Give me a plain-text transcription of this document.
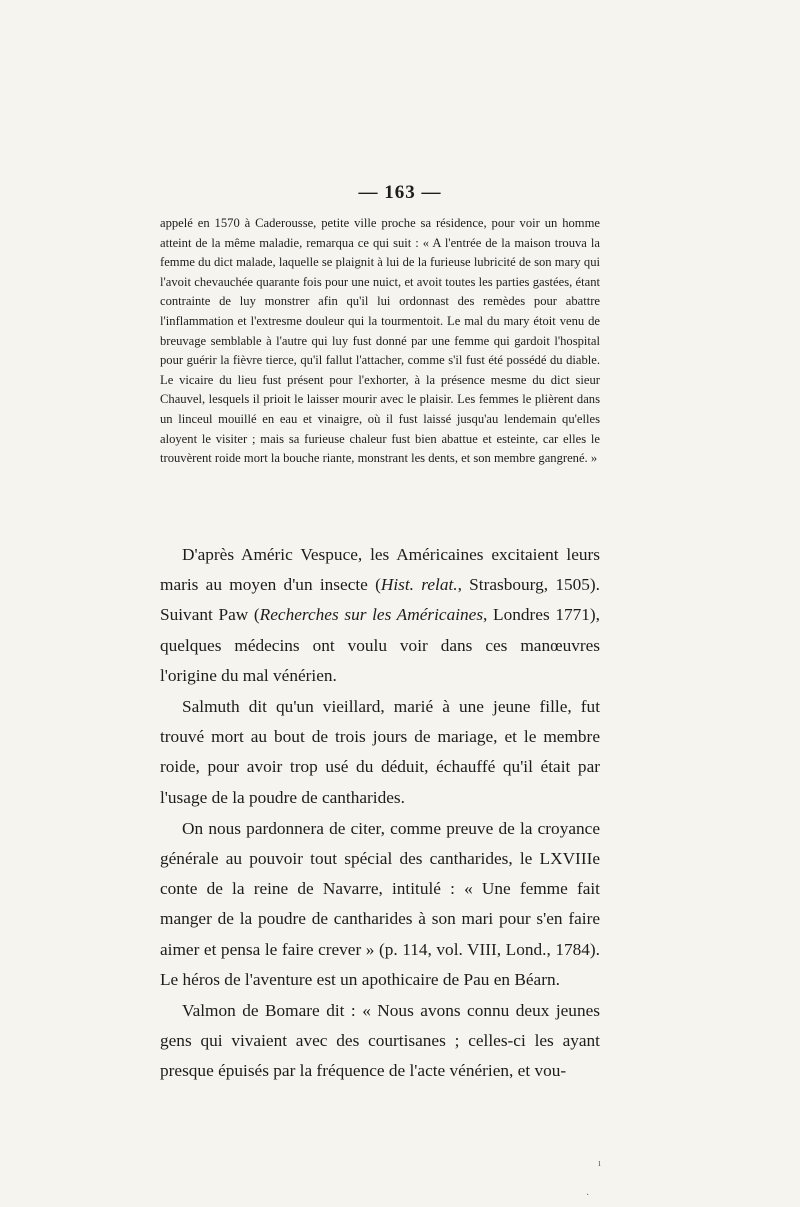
— 163 —
appelé en 1570 à Caderousse, petite ville proche sa résidence, pour voir un homme atteint de la même maladie, remarqua ce qui suit : « A l'entrée de la maison trouva la femme du dict malade, laquelle se plaignit à lui de la furieuse lubricité de son mary qui l'avoit chevauchée quarante fois pour une nuict, et avoit toutes les parties gastées, étant contrainte de luy monstrer afin qu'il lui ordonnast des remèdes pour abattre l'inflammation et l'extresme douleur qui la tourmentoit. Le mal du mary étoit venu de breuvage semblable à l'autre qui luy fust donné par une femme qui gardoit l'hospital pour guérir la fièvre tierce, qu'il fallut l'attacher, comme s'il fust été possédé du diable. Le vicaire du lieu fust présent pour l'exhorter, à la présence mesme du dict sieur Chauvel, lesquels il prioit le laisser mourir avec le plaisir. Les femmes le plièrent dans un linceul mouillé en eau et vinaigre, où il fust laissé jusqu'au lendemain qu'elles aloyent le visiter ; mais sa furieuse chaleur fust bien abattue et esteinte, car elles le trouvèrent roide mort la bouche riante, monstrant les dents, et son membre gangrené. »

D'après Améric Vespuce, les Américaines excitaient leurs maris au moyen d'un insecte (Hist. relat., Strasbourg, 1505). Suivant Paw (Recherches sur les Américaines, Londres 1771), quelques médecins ont voulu voir dans ces manœuvres l'origine du mal vénérien.

Salmuth dit qu'un vieillard, marié à une jeune fille, fut trouvé mort au bout de trois jours de mariage, et le membre roide, pour avoir trop usé du déduit, échauffé qu'il était par l'usage de la poudre de cantharides.

On nous pardonnera de citer, comme preuve de la croyance générale au pouvoir tout spécial des cantharides, le LXVIIIe conte de la reine de Navarre, intitulé : « Une femme fait manger de la poudre de cantharides à son mari pour s'en faire aimer et pensa le faire crever » (p. 114, vol. VIII, Lond., 1784). Le héros de l'aventure est un apothicaire de Pau en Béarn.

Valmon de Bomare dit : « Nous avons connu deux jeunes gens qui vivaient avec des courtisanes ; celles-ci les ayant presque épuisés par la fréquence de l'acte vénérien, et vou-

ı
·
